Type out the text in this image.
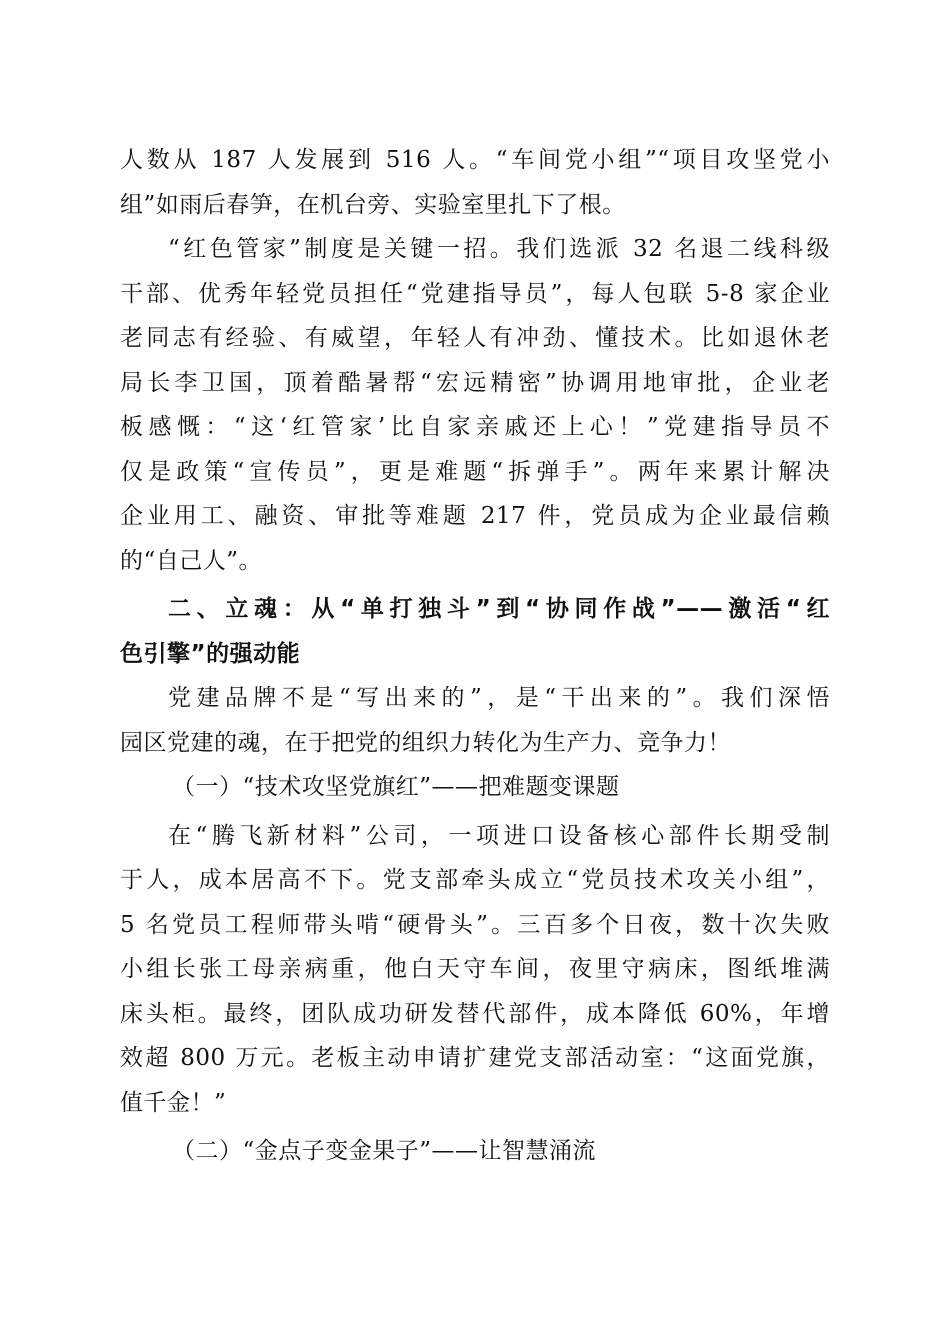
人数从 187 人发展到 516 人。“车间党小组”“项目攻坚党小
组”如雨后春笋，在机台旁、实验室里扎下了根。
“红色管家”制度是关键一招。我们选派 32 名退二线科级
干部、优秀年轻党员担任“党建指导员”，每人包联 5-8 家企业
老同志有经验、有威望，年轻人有冲劲、懂技术。比如退休老
局长李卫国，顶着酷暑帮“宏远精密”协调用地审批，企业老
板感慨：“这‘红管家’比自家亲戚还上心！”党建指导员不
仅是政策“宣传员”，更是难题“拆弹手”。两年来累计解决
企业用工、融资、审批等难题 217 件，党员成为企业最信赖
的“自己人”。
二、立魂：从“单打独斗”到“协同作战”——激活“红
色引擎”的强动能
党建品牌不是“写出来的”，是“干出来的”。我们深悟
园区党建的魂，在于把党的组织力转化为生产力、竞争力！
（一）“技术攻坚党旗红”——把难题变课题
在“腾飞新材料”公司，一项进口设备核心部件长期受制
于人，成本居高不下。党支部牵头成立“党员技术攻关小组”，
5 名党员工程师带头啃“硬骨头”。三百多个日夜，数十次失败
小组长张工母亲病重，他白天守车间，夜里守病床，图纸堆满
床头柜。最终，团队成功研发替代部件，成本降低 60%，年增
效超 800 万元。老板主动申请扩建党支部活动室：“这面党旗，
值千金！”
（二）“金点子变金果子”——让智慧涌流
